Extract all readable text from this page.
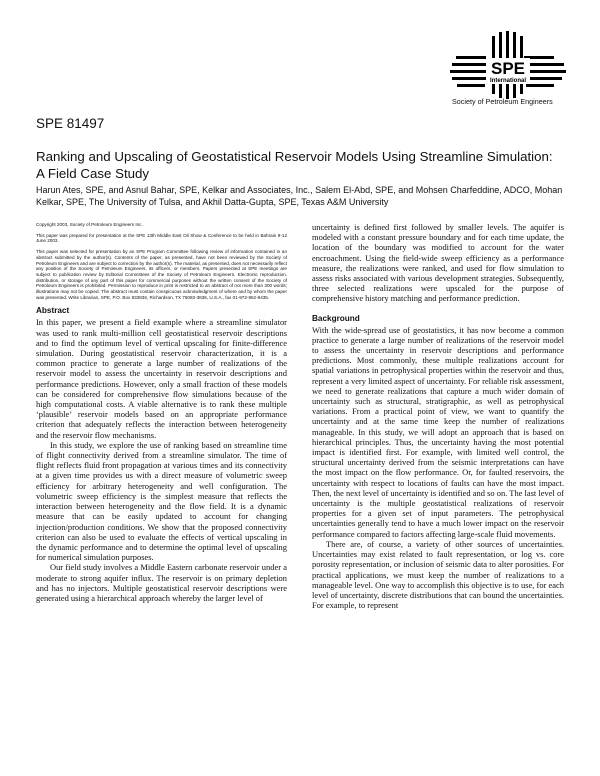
SPE
International
Society of Petroleum Engineers
SPE 81497
Ranking and Upscaling of Geostatistical Reservoir Models Using Streamline Simulation: A Field Case Study
Harun Ates, SPE, and Asnul Bahar, SPE, Kelkar and Associates, Inc., Salem El-Abd, SPE, and Mohsen Charfeddine, ADCO, Mohan Kelkar, SPE, The University of Tulsa, and Akhil Datta-Gupta, SPE, Texas A&M University

Copyright 2003, Society of Petroleum Engineers Inc.

This paper was prepared for presentation at the SPE 13th Middle East Oil Show & Conference to be held in Bahrain 9-12 June 2003.

This paper was selected for presentation by an SPE Program Committee following review of information contained in an abstract submitted by the author(s). Contents of the paper, as presented, have not been reviewed by the Society of Petroleum Engineers and are subject to correction by the author(s). The material, as presented, does not necessarily reflect any position of the Society of Petroleum Engineers, its officers, or members. Papers presented at SPE meetings are subject to publication review by Editorial Committees of the Society of Petroleum Engineers. Electronic reproduction, distribution, or storage of any part of this paper for commercial purposes without the written consent of the Society of Petroleum Engineers is prohibited. Permission to reproduce in print is restricted to an abstract of not more than 300 words; illustrations may not be copied. The abstract must contain conspicuous acknowledgment of where and by whom the paper was presented. Write Librarian, SPE, P.O. Box 833836, Richardson, TX 75083-3836, U.S.A., fax 01-972-952-9435.

Abstract

In this paper, we present a field example where a streamline simulator was used to rank multi-million cell geostatistical reservoir descriptions and to find the optimum level of vertical upscaling for finite-difference simulation. During geostatistical reservoir characterization, it is a common practice to generate a large number of realizations of the reservoir model to assess the uncertainty in reservoir descriptions and performance predictions. However, only a small fraction of these models can be considered for comprehensive flow simulations because of the high computational costs. A viable alternative is to rank these multiple ‘plausible’ reservoir models based on an appropriate performance criterion that adequately reflects the interaction between heterogeneity and the reservoir flow mechanisms.

In this study, we explore the use of ranking based on streamline time of flight connectivity derived from a streamline simulator. The time of flight reflects fluid front propagation at various times and its connectivity at a given time provides us with a direct measure of volumetric sweep efficiency for arbitrary heterogeneity and well configuration. The volumetric sweep efficiency is the simplest measure that reflects the interaction between heterogeneity and the flow field. It is a dynamic measure that can be easily updated to account for changing injection/production conditions. We show that the proposed connectivity criterion can also be used to evaluate the effects of vertical upscaling in the dynamic performance and to determine the optimal level of upscaling for numerical simulation purposes.

Our field study involves a Middle Eastern carbonate reservoir under a moderate to strong aquifer influx. The reservoir is on primary depletion and has no injectors. Multiple geostatistical reservoir descriptions were generated using a hierarchical approach whereby the larger level of

uncertainty is defined first followed by smaller levels. The aquifer is modeled with a constant pressure boundary and for each time update, the location of the boundary was modified to account for the water encroachment. Using the field-wide sweep efficiency as a performance measure, the realizations were ranked, and used for flow simulation to assess risks associated with various development strategies. Subsequently, three selected realizations were upscaled for the purpose of comprehensive history matching and performance prediction.

Background

With the wide-spread use of geostatistics, it has now become a common practice to generate a large number of realizations of the reservoir model to assess the uncertainty in reservoir descriptions and performance predictions. Most commonly, these multiple realizations account for spatial variations in petrophysical properties within the reservoir and thus, represent a very limited aspect of uncertainty. For reliable risk assessment, we need to generate realizations that capture a much wider domain of uncertainty such as structural, stratigraphic, as well as petrophysical variations. From a practical point of view, we want to quantify the uncertainty and at the same time keep the number of realizations manageable. In this study, we will adopt an approach that is based on hierarchical principles. Thus, the uncertainty having the most potential impact is identified first. For example, with limited well control, the structural uncertainty derived from the seismic interpretations can have the most impact on the flow performance. Or, for faulted reservoirs, the uncertainty with respect to locations of faults can have the most impact. Then, the next level of uncertainty is identified and so on. The last level of uncertainty is the multiple geostatistical realizations of reservoir properties for a given set of input parameters. The petrophysical uncertainties generally tend to have a much lower impact on the reservoir performance compared to factors affecting large-scale fluid movements.

There are, of course, a variety of other sources of uncertainties. Uncertainties may exist related to fault representation, or log vs. core porosity representation, or inclusion of seismic data to alter porosities. For practical applications, we must keep the number of realizations to a manageable level. One way to accomplish this objective is to use, for each level of uncertainty, discrete distributions that can bound the uncertainties. For example, to represent
